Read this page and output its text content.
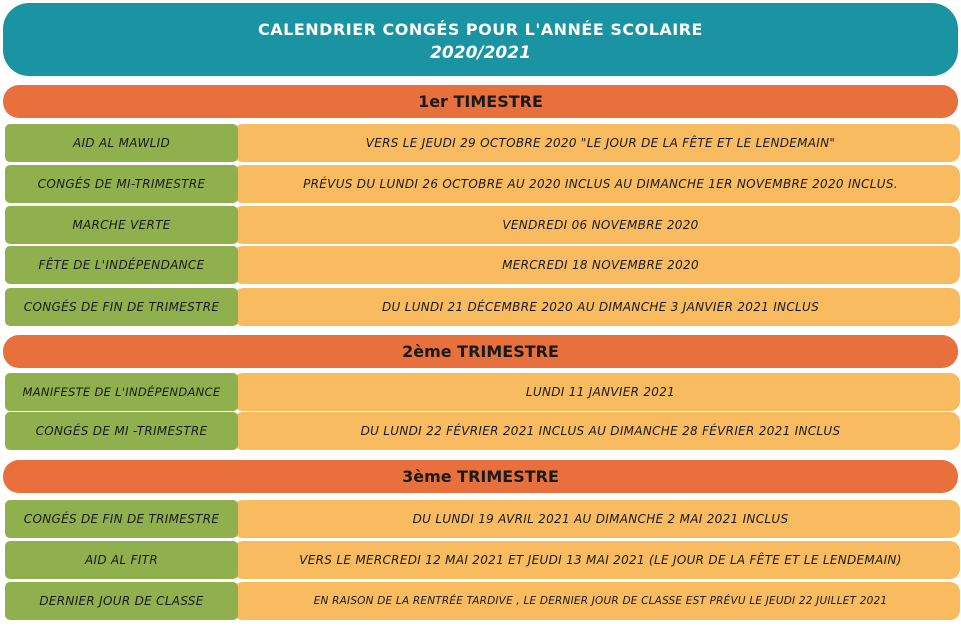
CALENDRIER CONGÉS POUR L'ANNÉE SCOLAIRE
2020/2021
1er TIMESTRE
AID AL MAWLID	VERS LE JEUDI 29 OCTOBRE 2020 "LE JOUR DE LA FÊTE ET LE LENDEMAIN"
CONGÉS DE MI-TRIMESTRE	PRÉVUS DU LUNDI 26 OCTOBRE AU 2020 INCLUS AU DIMANCHE 1ER NOVEMBRE 2020 INCLUS.
MARCHE VERTE	VENDREDI 06 NOVEMBRE 2020
FÊTE DE L'INDÉPENDANCE	MERCREDI 18 NOVEMBRE 2020
CONGÉS DE FIN DE TRIMESTRE	DU LUNDI 21 DÉCEMBRE 2020 AU DIMANCHE 3 JANVIER 2021 INCLUS
2ème TRIMESTRE
MANIFESTE DE L'INDÉPENDANCE	LUNDI 11 JANVIER 2021
CONGÉS DE MI -TRIMESTRE	DU LUNDI 22 FÉVRIER 2021 INCLUS AU DIMANCHE 28 FÉVRIER 2021 INCLUS
3ème TRIMESTRE
CONGÉS DE FIN DE TRIMESTRE	DU LUNDI 19 AVRIL 2021 AU DIMANCHE 2 MAI 2021 INCLUS
AID AL FITR	VERS LE MERCREDI 12 MAI 2021 ET JEUDI 13 MAI 2021 (LE JOUR DE LA FÊTE ET LE LENDEMAIN)
DERNIER JOUR DE CLASSE	EN RAISON DE LA RENTRÉE TARDIVE , LE DERNIER JOUR DE CLASSE EST PRÉVU LE JEUDI 22 JUILLET 2021
